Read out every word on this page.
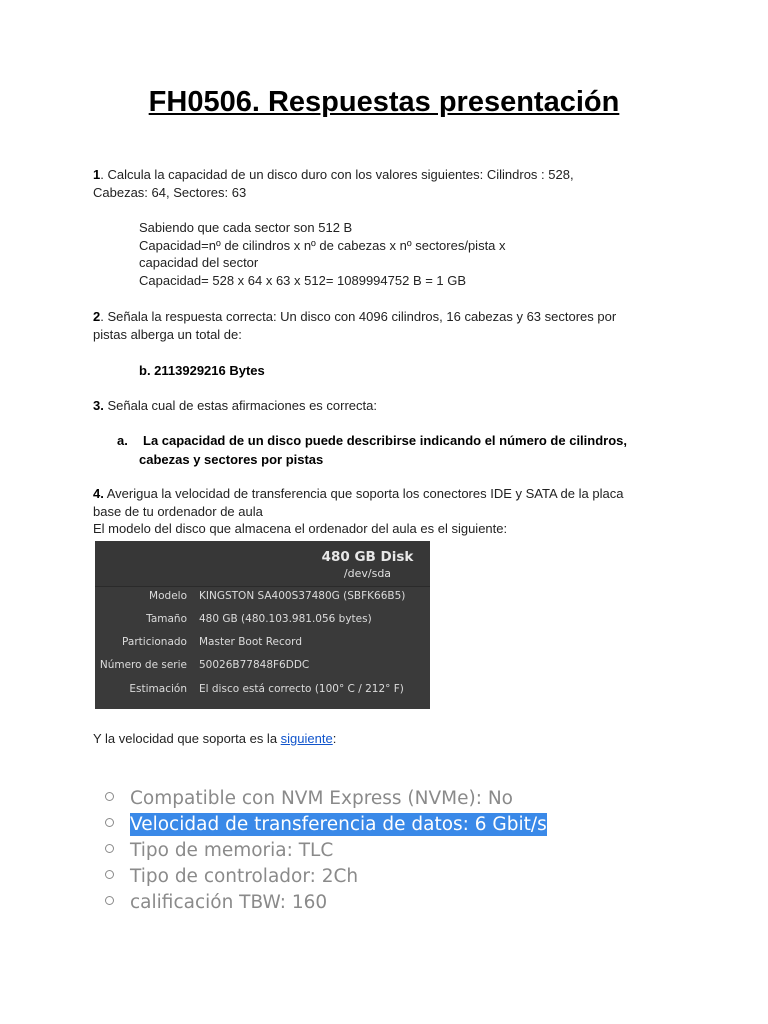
FH0506. Respuestas presentación
1. Calcula la capacidad de un disco duro con los valores siguientes: Cilindros : 528,
Cabezas: 64, Sectores: 63
Sabiendo que cada sector son 512 B
Capacidad=nº de cilindros x nº de cabezas x nº sectores/pista x
capacidad del sector
Capacidad= 528 x 64 x 63 x 512= 1089994752 B = 1 GB
2. Señala la respuesta correcta: Un disco con 4096 cilindros, 16 cabezas y 63 sectores por
pistas alberga un total de:
b. 2113929216 Bytes
3. Señala cual de estas afirmaciones es correcta:
a. La capacidad de un disco puede describirse indicando el número de cilindros,
cabezas y sectores por pistas
4. Averigua la velocidad de transferencia que soporta los conectores IDE y SATA de la placa
base de tu ordenador de aula
El modelo del disco que almacena el ordenador del aula es el siguiente:
480 GB Disk
/dev/sda
Modelo KINGSTON SA400S37480G (SBFK66B5)
Tamaño 480 GB (480.103.981.056 bytes)
Particionado Master Boot Record
Número de serie 50026B77848F6DDC
Estimación El disco está correcto (100° C / 212° F)
Y la velocidad que soporta es la siguiente:
Compatible con NVM Express (NVMe): No
Velocidad de transferencia de datos: 6 Gbit/s
Tipo de memoria: TLC
Tipo de controlador: 2Ch
calificación TBW: 160
